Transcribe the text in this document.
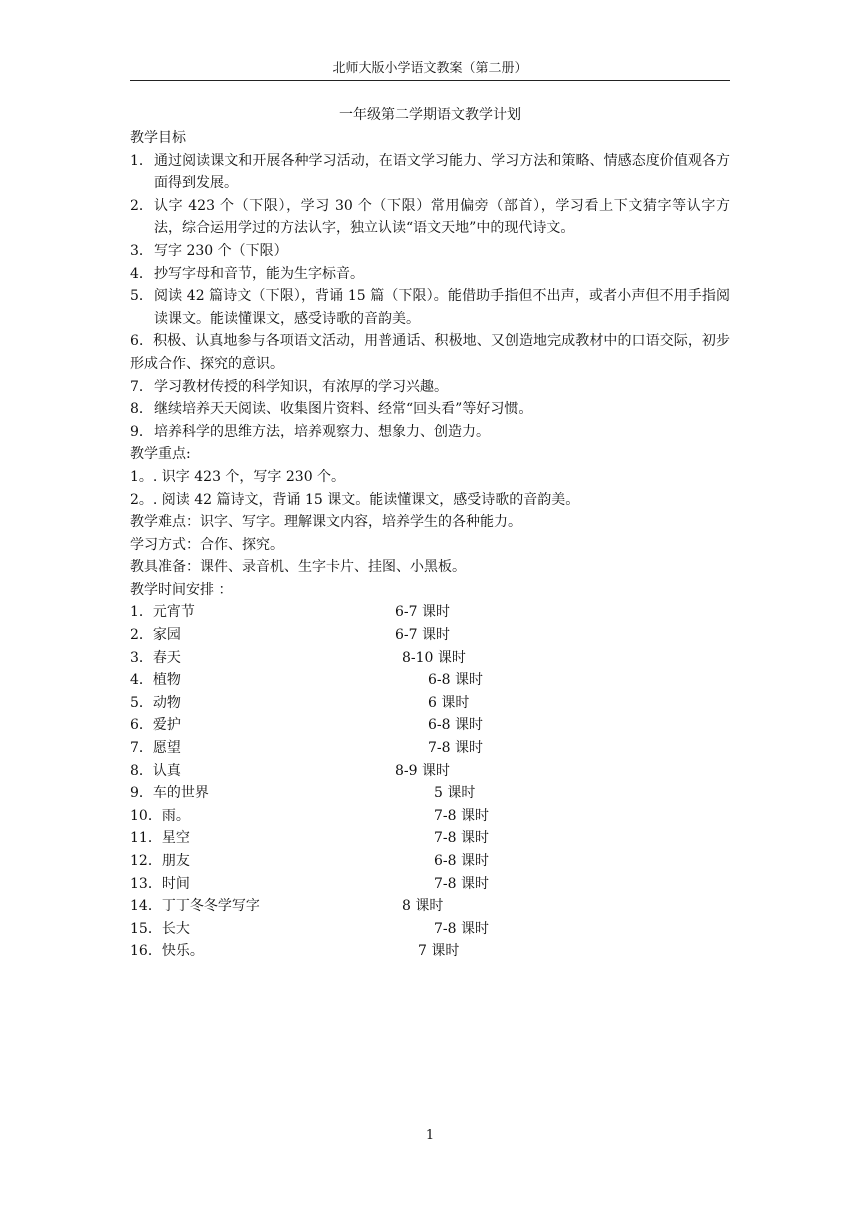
北师大版小学语文教案（第二册）
一年级第二学期语文教学计划
教学目标
1． 通过阅读课文和开展各种学习活动，在语文学习能力、学习方法和策略、情感态度价值观各方面得到发展。
2． 认字 423 个（下限），学习 30 个（下限）常用偏旁（部首），学习看上下文猜字等认字方法，综合运用学过的方法认字，独立认读“语文天地”中的现代诗文。
3． 写字 230 个（下限）
4． 抄写字母和音节，能为生字标音。
5． 阅读 42 篇诗文（下限），背诵 15 篇（下限）。能借助手指但不出声，或者小声但不用手指阅读课文。能读懂课文，感受诗歌的音韵美。
6．积极、认真地参与各项语文活动，用普通话、积极地、又创造地完成教材中的口语交际，初步形成合作、探究的意识。
7． 学习教材传授的科学知识，有浓厚的学习兴趣。
8． 继续培养天天阅读、收集图片资料、经常“回头看”等好习惯。
9． 培养科学的思维方法，培养观察力、想象力、创造力。
教学重点:
1。. 识字 423 个，写字 230 个。
2。. 阅读 42 篇诗文，背诵 15 课文。能读懂课文，感受诗歌的音韵美。
教学难点：识字、写字。理解课文内容，培养学生的各种能力。
学习方式：合作、探究。
教具准备：课件、录音机、生字卡片、挂图、小黑板。
教学时间安排 ：
1．元宵节	6-7 课时
2．家园	6-7 课时
3．春天	8-10 课时
4．植物	6-8 课时
5．动物	6 课时
6．爱护	6-8 课时
7．愿望	7-8 课时
8．认真	8-9 课时
9．车的世界	5 课时
10．雨。	7-8 课时
11．星空	7-8 课时
12．朋友	6-8 课时
13．时间	7-8 课时
14．丁丁冬冬学写字	8 课时
15．长大	7-8 课时
16．快乐。	7 课时
1
